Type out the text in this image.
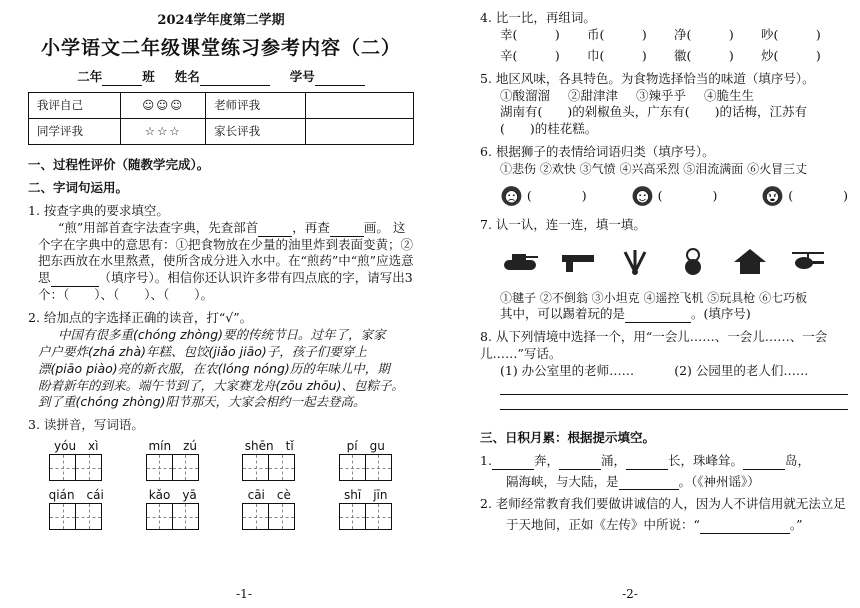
2024学年度第二学期
小学语文二年级课堂练习参考内容（二）
二年	班 姓名	学号
我评自己	☺☺☺	老师评我	
同学评我	☆☆☆	家长评我	
一、过程性评价（随教学完成）。
二、字词句运用。
1. 按查字典的要求填空。
“煎”用部首查字法查字典，先查部首	，再查	画。 这个字在字典中的意思有：①把食物放在少量的油里炸到表面变黄；②把东西放在水里熬煮，使所含成分进入水中。在“煎药”中“煎”应选意思	（填序号）。相信你还认识许多带有四点底的字，请写出3个：（　　）、（　　）、（　　）。
2. 给加点的字选择正确的读音，打“√”。
中国有很多重(chóng zhòng)要的传统节日。过年了，家家
户户要炸(zhá zhà)年糕、包饺(jiǎo jiāo)子，孩子们要穿上
漂(piāo piào)亮的新衣服，在农(lóng nóng)历的年味儿中，期
盼着新年的到来。端午节到了，大家赛龙舟(zōu zhōu)、包粽子。
到了重(chóng zhòng)阳节那天，大家会相约一起去登高。
3. 读拼音，写词语。
yóu　xì	mín　zú	shēn　tǐ	pí　gu
qián　cái	kǎo　yā	cāi　cè	shī　jīn
-1-
4. 比一比，再组词。
幸(　　　)	币(　　　)	净(　　　)	吵(　　　)
辛(　　　)	巾(　　　)	徽(　　　)	炒(　　　)
5. 地区风味，各具特色。为食物选择恰当的味道（填序号）。
①酸溜溜 ②甜津津 ③辣乎乎 ④脆生生
湖南有(　　)的剁椒鱼头，广东有(　　)的话梅，江苏有
(　　)的桂花糕。
6. 根据狮子的表情给词语归类（填序号）。
①悲伤 ②欢快 ③气愤 ④兴高采烈 ⑤泪流满面 ⑥火冒三丈
(　　　　)	(　　　　)	(　　　　)
7. 认一认，连一连，填一填。
①毽子 ②不倒翁 ③小坦克 ④遥控飞机 ⑤玩具枪 ⑥七巧板
其中，可以踢着玩的是	。(填序号)
8. 从下列情境中选择一个，用“一会儿……、一会儿……、一会儿……”写话。
(1) 办公室里的老师……	(2) 公园里的老人们……
三、日积月累：根据提示填空。
1.	奔，	涌，	长，珠峰耸。	岛，
隔海峡，与大陆，是	。（《神州谣》）
2. 老师经常教育我们要做讲诚信的人，因为人不讲信用就无法立足
于天地间，正如《左传》中所说：“	。”
-2-
